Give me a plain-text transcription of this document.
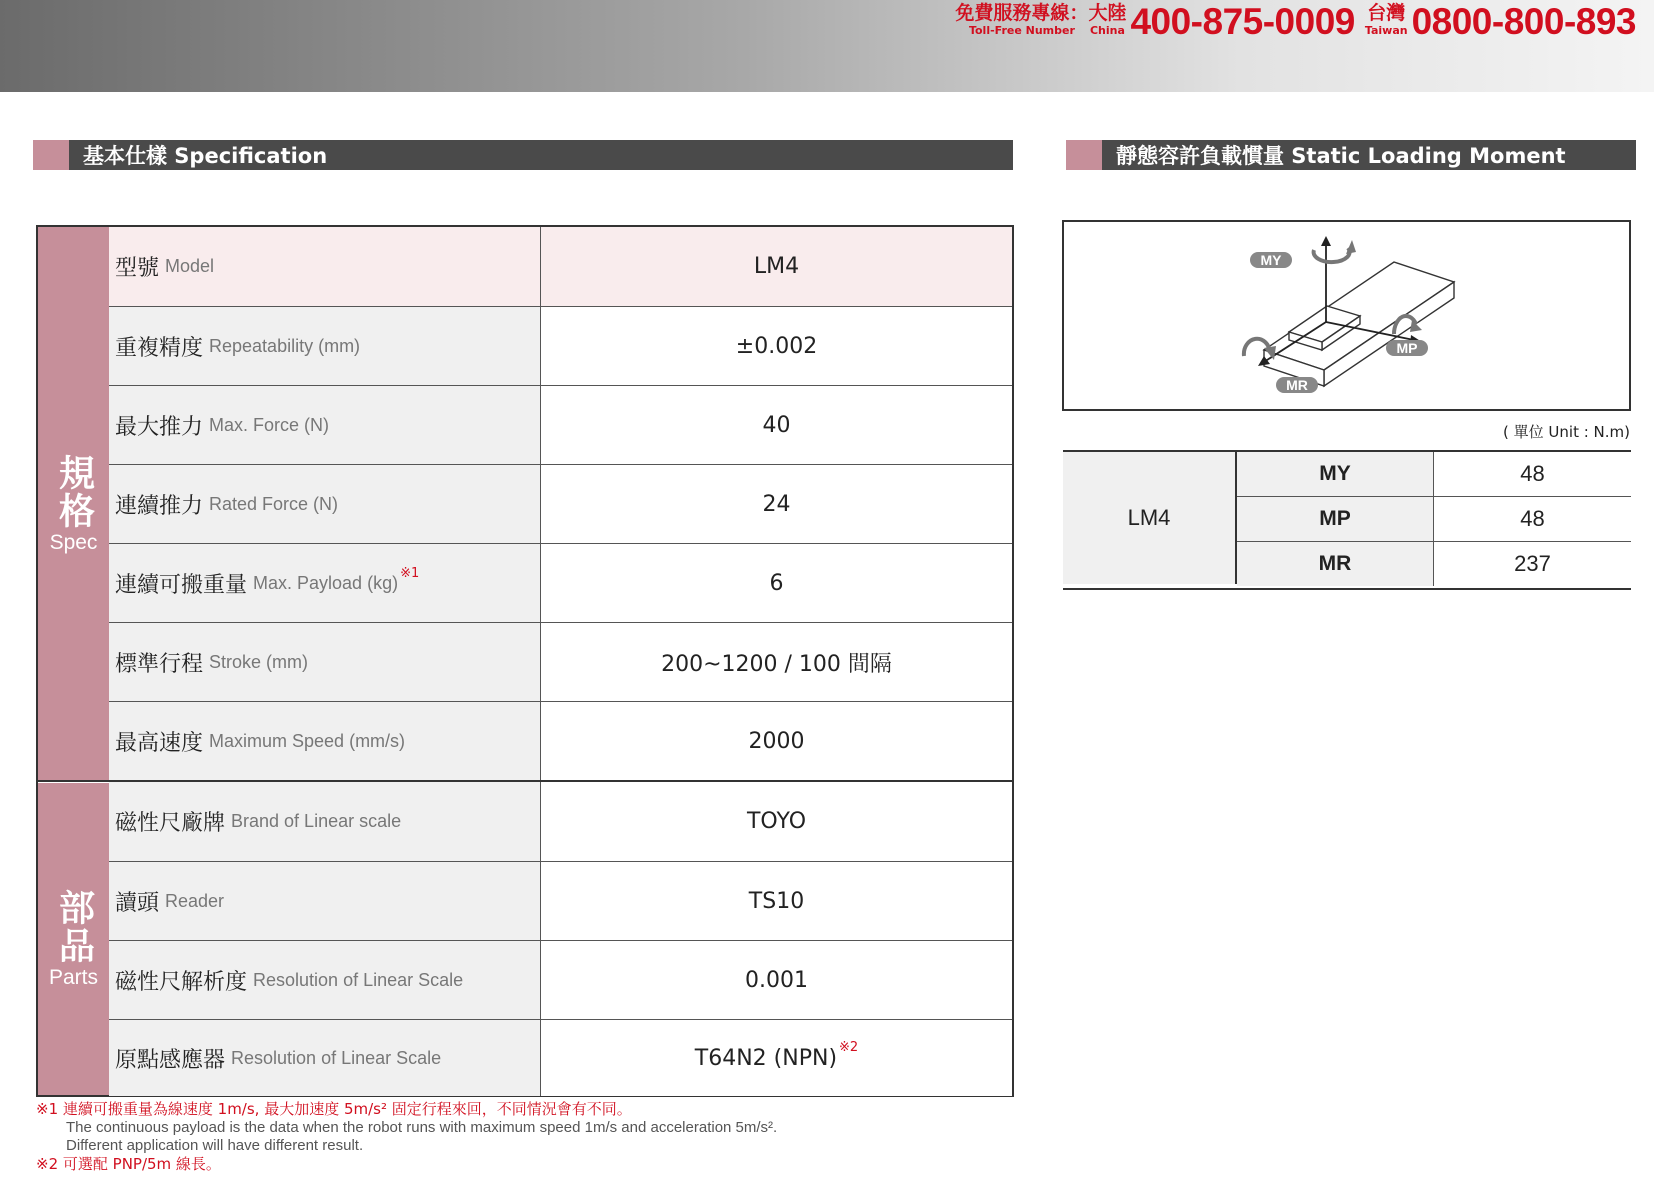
免費服務專線：
Toll-Free Number
大陸
China 400-875-0009 台灣
Taiwan 0800-800-893
基本仕樣 Specification	靜態容許負載慣量 Static Loading Moment
規格
Spec
部品
Parts
型號 Model	LM4
重複精度 Repeatability (mm)	±0.002
最大推力 Max. Force (N)	40
連續推力 Rated Force (N)	24
連續可搬重量 Max. Payload (kg)$^{※1}$	6
標準行程 Stroke (mm)	200~1200 / 100 間隔
最高速度 Maximum Speed (mm/s)	2000
磁性尺廠牌 Brand of Linear scale	TOYO
讀頭 Reader	TS10
磁性尺解析度 Resolution of Linear Scale	0.001
原點感應器 Resolution of Linear Scale	T64N2 (NPN)$^{※2}$
※1 連續可搬重量為線速度 1m/s, 最大加速度 5m/s² 固定行程來回，不同情況會有不同。
The continuous payload is the data when the robot runs with maximum speed 1m/s and acceleration 5m/s².
Different application will have different result.
※2 可選配 PNP/5m 線長。
MY
MP
MR
( 單位 Unit : N.m)
LM4
MY	48
MP	48
MR	237
